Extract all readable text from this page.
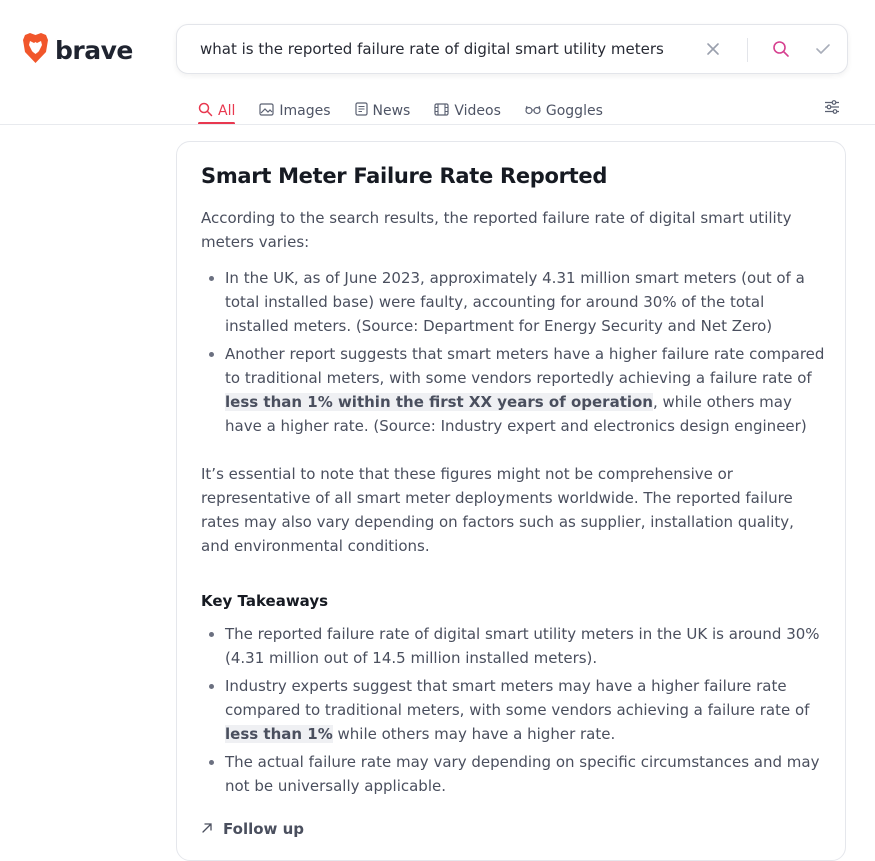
brave
what is the reported failure rate of digital smart utility meters
All	Images	News	Videos	Goggles
Smart Meter Failure Rate Reported

According to the search results, the reported failure rate of digital smart utility meters varies:

• In the UK, as of June 2023, approximately 4.31 million smart meters (out of a total installed base) were faulty, accounting for around 30% of the total installed meters. (Source: Department for Energy Security and Net Zero)
• Another report suggests that smart meters have a higher failure rate compared to traditional meters, with some vendors reportedly achieving a failure rate of less than 1% within the first XX years of operation, while others may have a higher rate. (Source: Industry expert and electronics design engineer)

It’s essential to note that these figures might not be comprehensive or representative of all smart meter deployments worldwide. The reported failure rates may also vary depending on factors such as supplier, installation quality, and environmental conditions.

Key Takeaways
• The reported failure rate of digital smart utility meters in the UK is around 30% (4.31 million out of 14.5 million installed meters).
• Industry experts suggest that smart meters may have a higher failure rate compared to traditional meters, with some vendors achieving a failure rate of less than 1% while others may have a higher rate.
• The actual failure rate may vary depending on specific circumstances and may not be universally applicable.
Follow up
